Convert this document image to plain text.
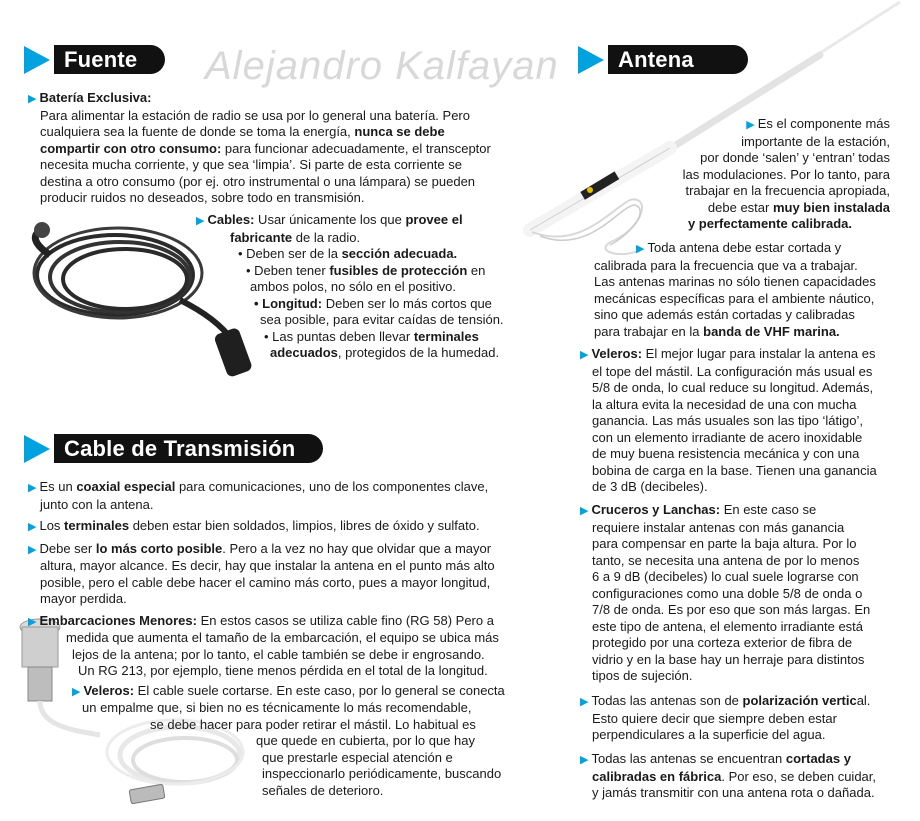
Alejandro Kalfayan
Fuente

▶ Batería Exclusiva:

Para alimentar la estación de radio se usa por lo general una batería. Pero

cualquiera sea la fuente de donde se toma la energía, nunca se debe

compartir con otro consumo: para funcionar adecuadamente, el transceptor

necesita mucha corriente, y que sea ‘limpia’. Si parte de esta corriente se

destina a otro consumo (por ej. otro instrumental o una lámpara) se pueden

producir ruidos no deseados, sobre todo en transmisión.

▶ Cables: Usar únicamente los que provee el

fabricante de la radio.

• Deben ser de la sección adecuada.

• Deben tener fusibles de protección en

ambos polos, no sólo en el positivo.

• Longitud: Deben ser lo más cortos que

sea posible, para evitar caídas de tensión.

• Las puntas deben llevar terminales

adecuados, protegidos de la humedad.

Cable de Transmisión

▶ Es un coaxial especial para comunicaciones, uno de los componentes clave,

junto con la antena.

▶ Los terminales deben estar bien soldados, limpios, libres de óxido y sulfato.

▶ Debe ser lo más corto posible. Pero a la vez no hay que olvidar que a mayor

altura, mayor alcance. Es decir, hay que instalar la antena en el punto más alto

posible, pero el cable debe hacer el camino más corto, pues a mayor longitud,

mayor perdida.

▶ Embarcaciones Menores: En estos casos se utiliza cable fino (RG 58) Pero a

medida que aumenta el tamaño de la embarcación, el equipo se ubica más

lejos de la antena; por lo tanto, el cable también se debe ir engrosando.

Un RG 213, por ejemplo, tiene menos pérdida en el total de la longitud.

▶ Veleros: El cable suele cortarse. En este caso, por lo general se conecta

un empalme que, si bien no es técnicamente lo más recomendable,

se debe hacer para poder retirar el mástil. Lo habitual es

que quede en cubierta, por lo que hay

que prestarle especial atención e

inspeccionarlo periódicamente, buscando

señales de deterioro.

Antena

▶ Es el componente más

importante de la estación,

por donde ‘salen’ y ‘entran’ todas

las modulaciones. Por lo tanto, para

trabajar en la frecuencia apropiada,

debe estar muy bien instalada

y perfectamente calibrada.

▶ Toda antena debe estar cortada y

calibrada para la frecuencia que va a trabajar.

Las antenas marinas no sólo tienen capacidades

mecánicas específicas para el ambiente náutico,

sino que además están cortadas y calibradas

para trabajar en la banda de VHF marina.

▶ Veleros: El mejor lugar para instalar la antena es

el tope del mástil. La configuración más usual es

5/8 de onda, lo cual reduce su longitud. Además,

la altura evita la necesidad de una con mucha

ganancia. Las más usuales son las tipo ‘látigo’,

con un elemento irradiante de acero inoxidable

de muy buena resistencia mecánica y con una

bobina de carga en la base. Tienen una ganancia

de 3 dB (decibeles).

▶ Cruceros y Lanchas: En este caso se

requiere instalar antenas con más ganancia

para compensar en parte la baja altura. Por lo

tanto, se necesita una antena de por lo menos

6 a 9 dB (decibeles) lo cual suele lograrse con

configuraciones como una doble 5/8 de onda o

7/8 de onda. Es por eso que son más largas. En

este tipo de antena, el elemento irradiante está

protegido por una corteza exterior de fibra de

vidrio y en la base hay un herraje para distintos

tipos de sujeción.

▶ Todas las antenas son de polarización vertical.

Esto quiere decir que siempre deben estar

perpendiculares a la superficie del agua.

▶ Todas las antenas se encuentran cortadas y

calibradas en fábrica. Por eso, se deben cuidar,

y jamás transmitir con una antena rota o dañada.
